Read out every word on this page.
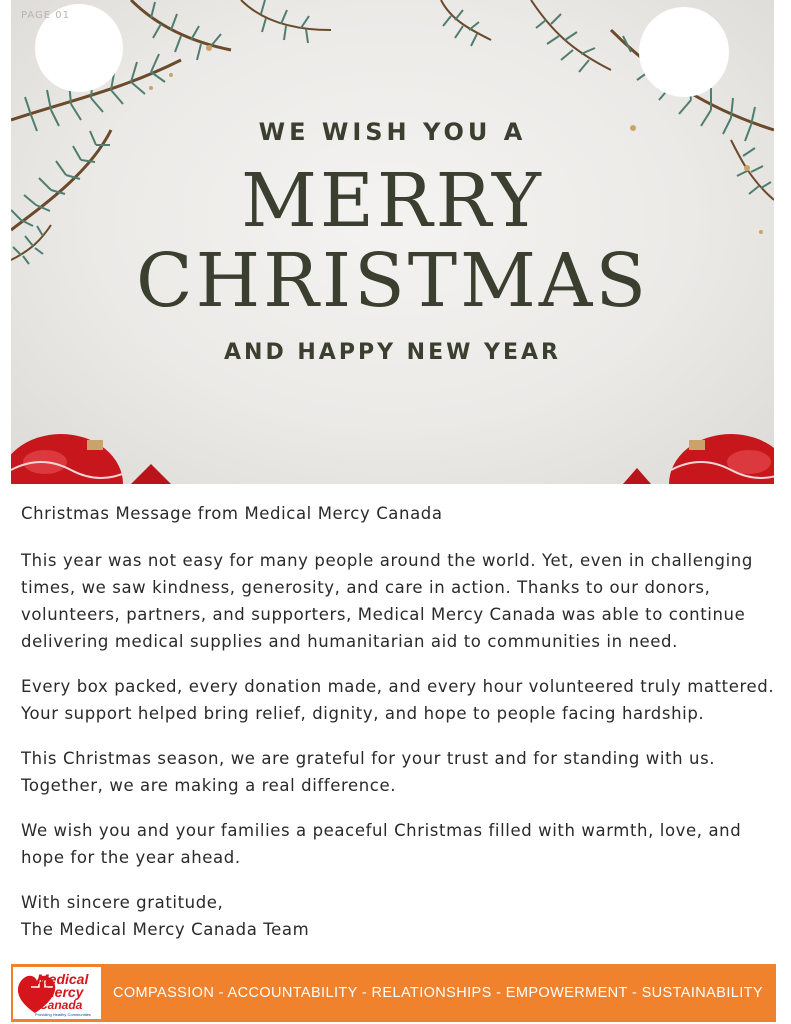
PAGE 01
WE WISH YOU A
MERRY
CHRISTMAS
AND HAPPY NEW YEAR

Christmas Message from Medical Mercy Canada

This year was not easy for many people around the world. Yet, even in challenging times, we saw kindness, generosity, and care in action. Thanks to our donors, volunteers, partners, and supporters, Medical Mercy Canada was able to continue delivering medical supplies and humanitarian aid to communities in need.

Every box packed, every donation made, and every hour volunteered truly mattered. Your support helped bring relief, dignity, and hope to people facing hardship.

This Christmas season, we are grateful for your trust and for standing with us. Together, we are making a real difference.

We wish you and your families a peaceful Christmas filled with warmth, love, and hope for the year ahead.

With sincere gratitude,

The Medical Mercy Canada Team

Medical
Mercy
Canada
Providing Healthy Communities
COMPASSION - ACCOUNTABILITY - RELATIONSHIPS - EMPOWERMENT - SUSTAINABILITY
